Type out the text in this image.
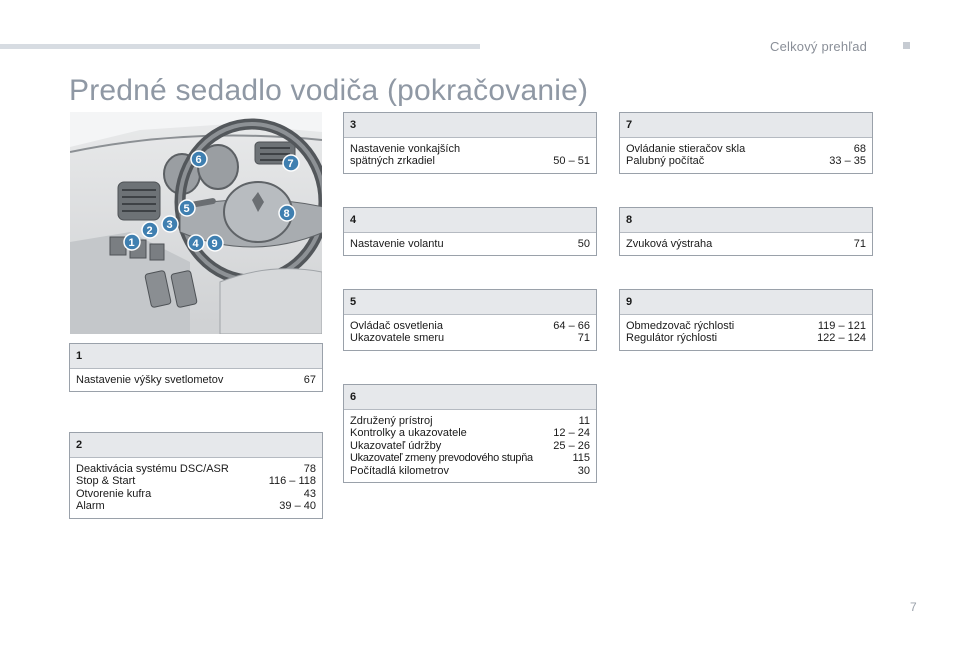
Celkový prehľad
Predné sedadlo vodiča (pokračovanie)
1
2 3
4
5
6	7
8
9
1
Nastavenie výšky svetlometov	67
2
Deaktivácia systému DSC/ASR	78
Stop & Start	116 – 118
Otvorenie kufra	43
Alarm	39 – 40
3
Nastavenie vonkajších
spätných zrkadiel	50 – 51
4
Nastavenie volantu	50
5
Ovládač osvetlenia	64 – 66
Ukazovatele smeru	71
6
Združený prístroj	11
Kontrolky a ukazovatele	12 – 24
Ukazovateľ údržby	25 – 26
Ukazovateľ zmeny prevodového stupňa	115
Počítadlá kilometrov	30
7
Ovládanie stieračov skla	68
Palubný počítač	33 – 35
8
Zvuková výstraha	71
9
Obmedzovač rýchlosti	119 – 121
Regulátor rýchlosti	122 – 124
7
